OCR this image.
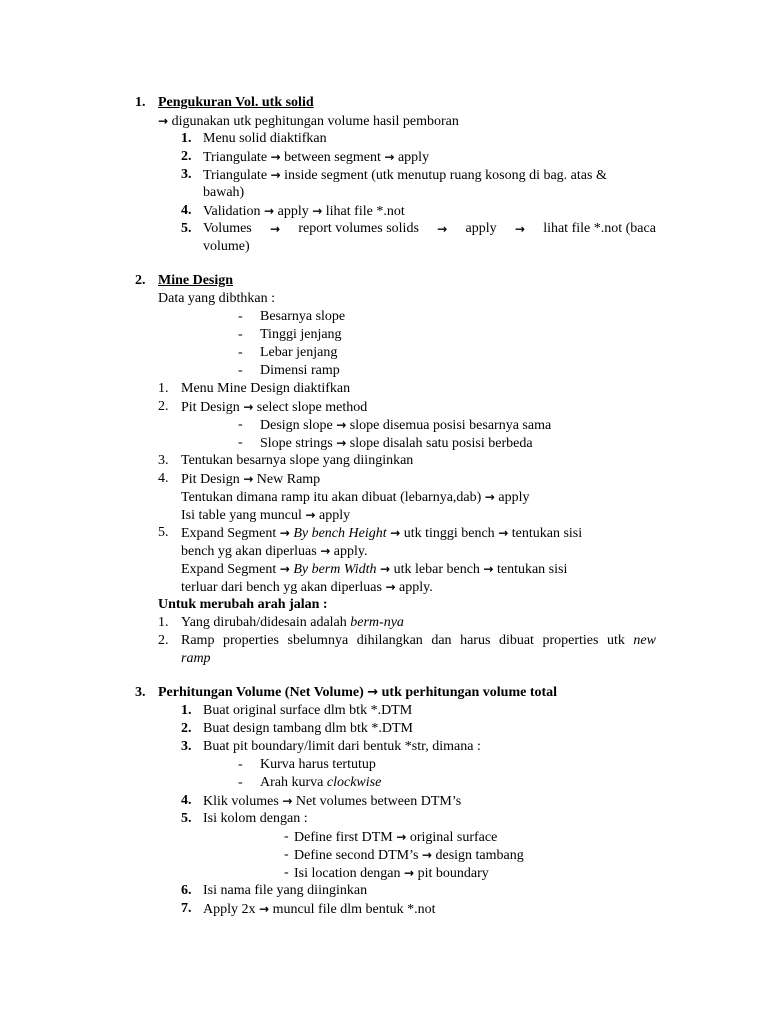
1. Pengukuran Vol. utk solid
→ digunakan utk peghitungan volume hasil pemboran
1. Menu solid diaktifkan
2. Triangulate → between segment → apply
3. Triangulate → inside segment (utk menutup ruang kosong di bag. atas &
bawah)
4. Validation → apply → lihat file *.not
5. Volumes → report volumes solids → apply → lihat file *.not (baca
volume)
2. Mine Design
Data yang dibthkan :
- Besarnya slope
- Tinggi jenjang
- Lebar jenjang
- Dimensi ramp
1. Menu Mine Design diaktifkan
2. Pit Design → select slope method
- Design slope → slope disemua posisi besarnya sama
- Slope strings → slope disalah satu posisi berbeda
3. Tentukan besarnya slope yang diinginkan
4. Pit Design → New Ramp
Tentukan dimana ramp itu akan dibuat (lebarnya,dab) → apply
Isi table yang muncul → apply
5. Expand Segment → By bench Height → utk tinggi bench → tentukan sisi
bench yg akan diperluas → apply.
Expand Segment → By berm Width → utk lebar bench → tentukan sisi
terluar dari bench yg akan diperluas → apply.
Untuk merubah arah jalan :
1. Yang dirubah/didesain adalah berm-nya
2. Ramp properties sbelumnya dihilangkan dan harus dibuat properties utk new
ramp
3. Perhitungan Volume (Net Volume) → utk perhitungan volume total
1. Buat original surface dlm btk *.DTM
2. Buat design tambang dlm btk *.DTM
3. Buat pit boundary/limit dari bentuk *str, dimana :
- Kurva harus tertutup
- Arah kurva clockwise
4. Klik volumes → Net volumes between DTM’s
5. Isi kolom dengan :
- Define first DTM → original surface
- Define second DTM’s → design tambang
- Isi location dengan → pit boundary
6. Isi nama file yang diinginkan
7. Apply 2x → muncul file dlm bentuk *.not
